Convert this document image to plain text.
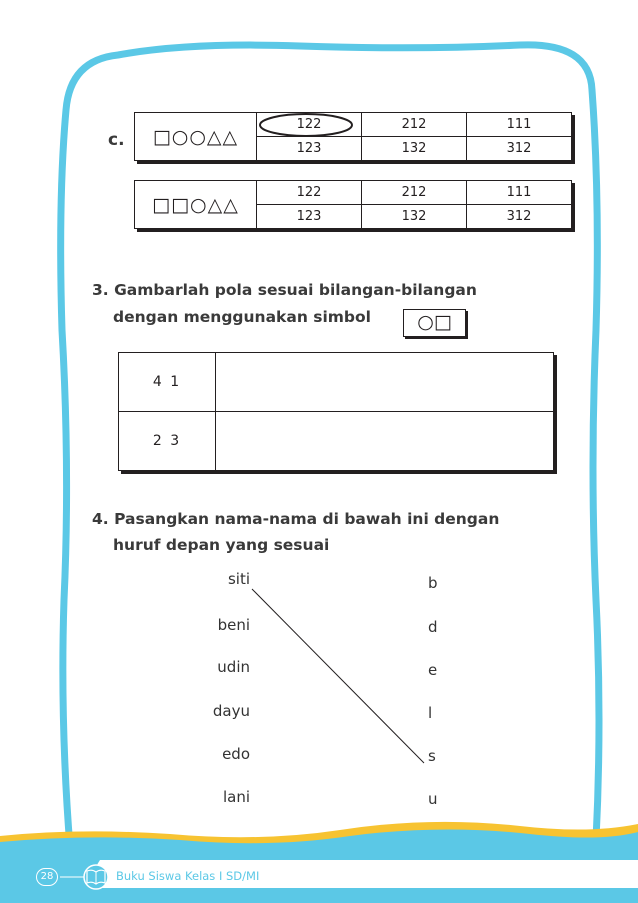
c. □○○△△	122	212	111
	123	132	312
□□○△△	122	212	111
	123	132	312
3. Gambarlah pola sesuai bilangan-bilangan
dengan menggunakan simbol	○□
4 1	
2 3	
4. Pasangkan nama-nama di bawah ini dengan
huruf depan yang sesuai
siti
beni
udin
dayu
edo
lani
b
d
e
l
s
u
28	Buku Siswa Kelas I SD/MI
